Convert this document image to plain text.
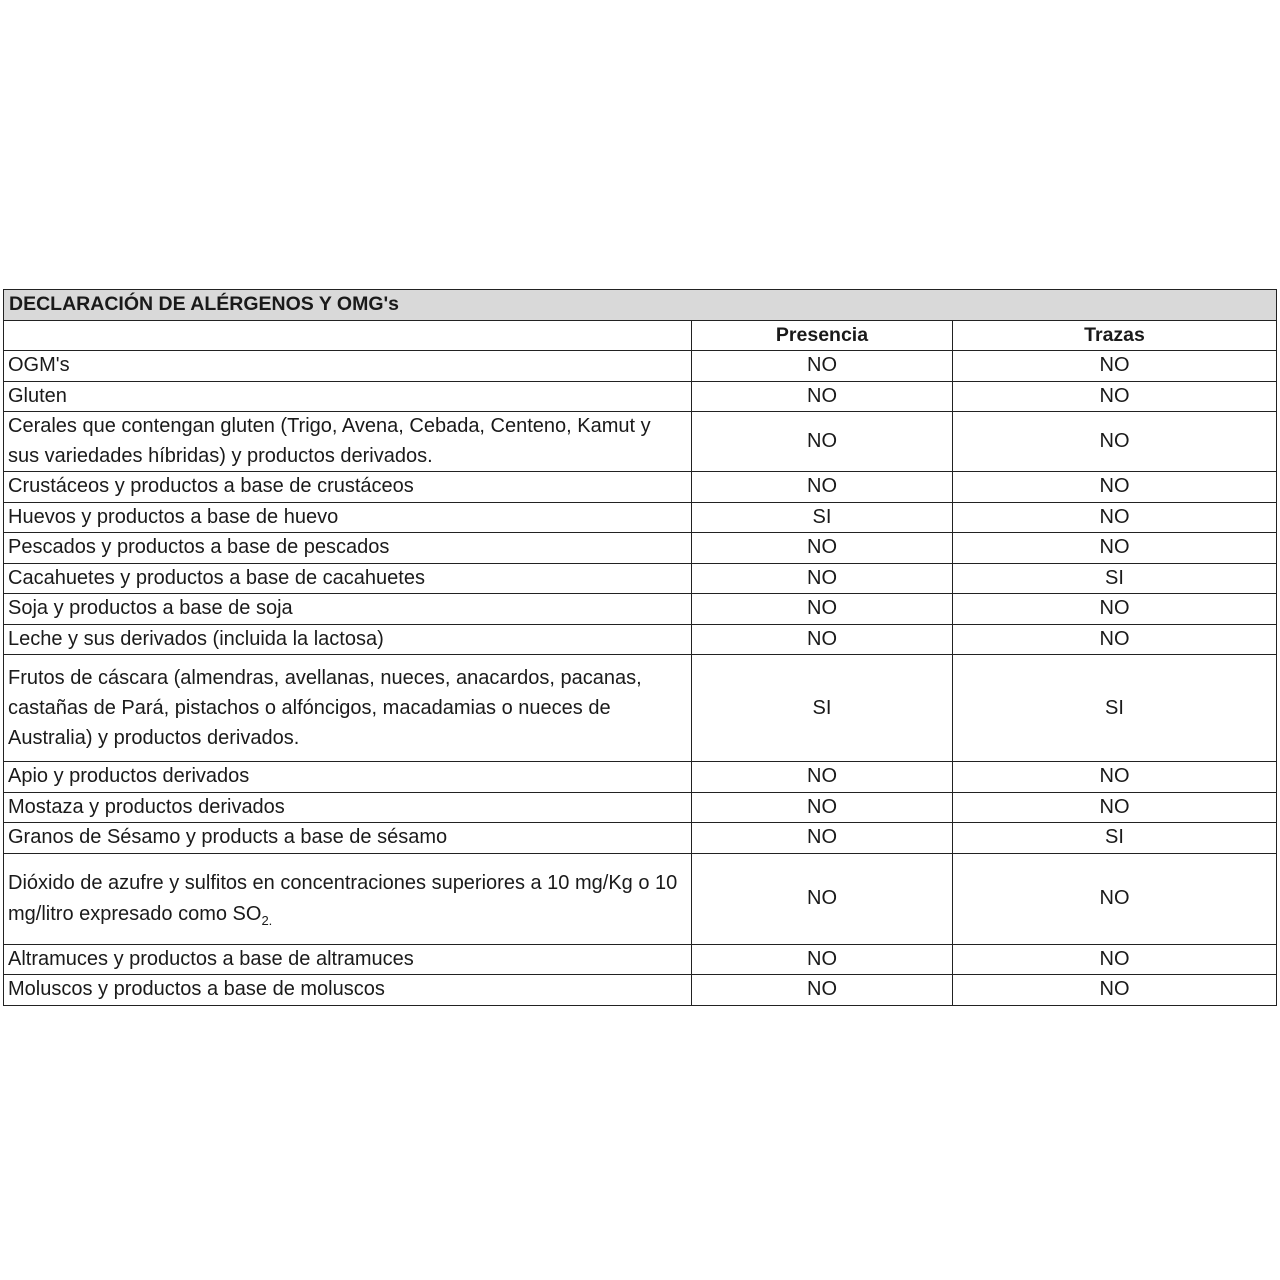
DECLARACIÓN DE ALÉRGENOS Y OMG's		
	Presencia	Trazas
OGM's	NO	NO
Gluten	NO	NO
Cerales que contengan gluten (Trigo, Avena, Cebada, Centeno, Kamut y sus variedades híbridas) y productos derivados.	NO	NO
Crustáceos y productos a base de crustáceos	NO	NO
Huevos y productos a base de huevo	SI	NO
Pescados y productos a base de pescados	NO	NO
Cacahuetes y productos a base de cacahuetes	NO	SI
Soja y productos a base de soja	NO	NO
Leche y sus derivados (incluida la lactosa)	NO	NO
Frutos de cáscara (almendras, avellanas, nueces, anacardos, pacanas, castañas de Pará, pistachos o alfóncigos, macadamias o nueces de Australia) y productos derivados.	SI	SI
Apio y productos derivados	NO	NO
Mostaza y productos derivados	NO	NO
Granos de Sésamo y products a base de sésamo	NO	SI
Dióxido de azufre y sulfitos en concentraciones superiores a 10 mg/Kg o 10 mg/litro expresado como $SO_{2.}$	NO	NO
Altramuces y productos a base de altramuces	NO	NO
Moluscos y productos a base de moluscos	NO	NO
